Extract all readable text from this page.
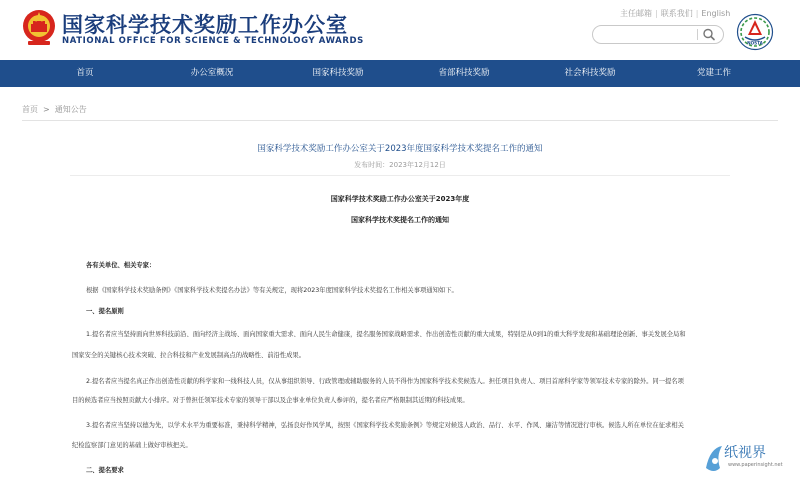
国家科学技术奖励工作办公室
NATIONAL OFFICE FOR SCIENCE & TECHNOLOGY AWARDS
主任邮箱 | 联系我们 | English
NOSTA
首页	办公室概况	国家科技奖励	省部科技奖励	社会科技奖励	党建工作
首页 > 通知公告
国家科学技术奖励工作办公室关于2023年度国家科学技术奖提名工作的通知
发布时间：2023年12月12日
国家科学技术奖励工作办公室关于2023年度
国家科学技术奖提名工作的通知
各有关单位、相关专家：
根据《国家科学技术奖励条例》《国家科学技术奖提名办法》等有关规定，现将2023年度国家科学技术奖提名工作相关事项通知如下。
一、提名原则
1.提名者应当坚持面向世界科技前沿、面向经济主战场、面向国家重大需求、面向人民生命健康，提名服务国家战略需求、作出创造性贡献的重大成果，特别是从0到1的重大科学发现和基础理论创新、事关发展全局和
国家安全的关键核心技术突破、拉合科技和产业发展制高点的战略性、前沿性成果。
2.提名者应当提名真正作出创造性贡献的科学家和一线科技人员，仅从事组织领导、行政管理或辅助服务的人员不得作为国家科学技术奖候选人。担任项目负责人、项目首席科学家等领军技术专家的除外。同一提名项
目的候选者应当按照贡献大小排序。对于曾担任领军技术专家的领导干部以及企事业单位负责人参评的，提名者应严格限制其近期的科技成果。
3.提名者应当坚持以德为先，以学术水平为重要标准，秉持科学精神，弘扬良好作风学风，按照《国家科学技术奖励条例》等规定对候选人政治、品行、水平、作风、廉洁等情况进行审核。候选人所在单位在征求相关
纪检监察部门意见的基础上做好审核把关。
二、提名要求
纸视界
www.paperinsight.net
